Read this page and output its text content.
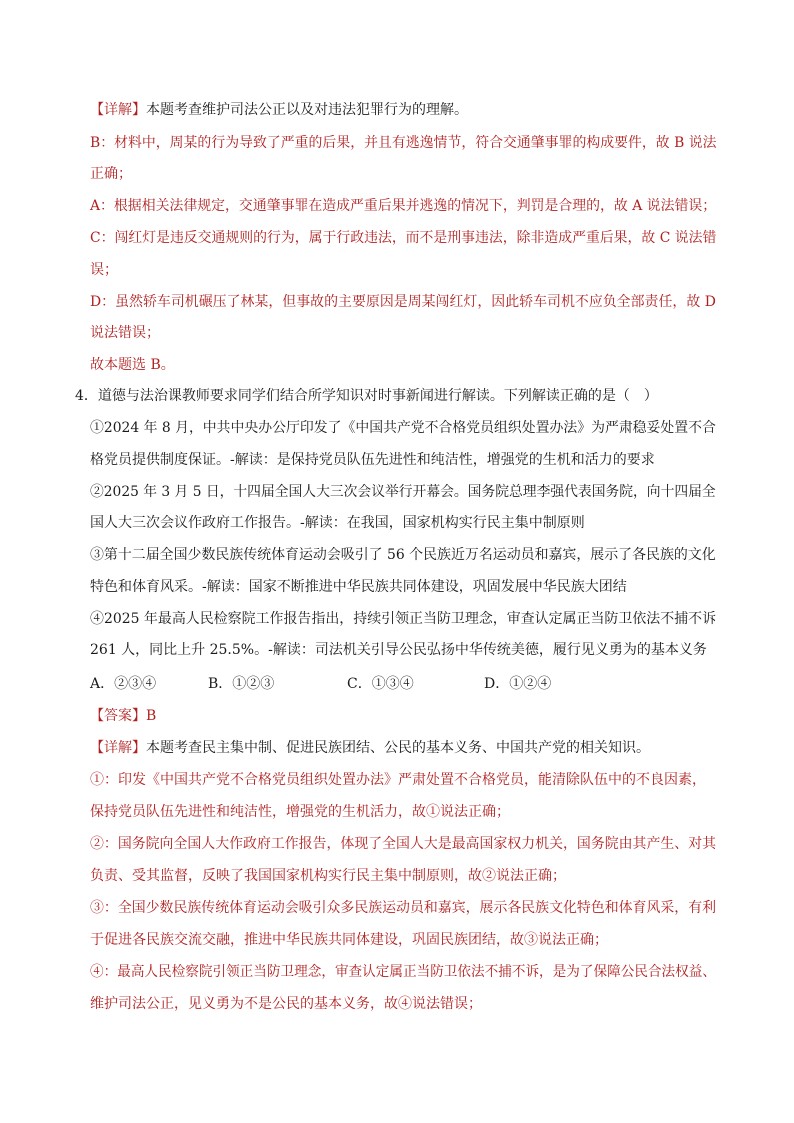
【详解】本题考查维护司法公正以及对违法犯罪行为的理解。
B：材料中，周某的行为导致了严重的后果，并且有逃逸情节，符合交通肇事罪的构成要件，故 B 说法
正确；
A：根据相关法律规定，交通肇事罪在造成严重后果并逃逸的情况下，判罚是合理的，故 A 说法错误；
C：闯红灯是违反交通规则的行为，属于行政违法，而不是刑事违法，除非造成严重后果，故 C 说法错
误；
D：虽然轿车司机碾压了林某，但事故的主要原因是周某闯红灯，因此轿车司机不应负全部责任，故 D
说法错误；
故本题选 B。
4．道德与法治课教师要求同学们结合所学知识对时事新闻进行解读。下列解读正确的是（　）
①2024 年 8 月，中共中央办公厅印发了《中国共产党不合格党员组织处置办法》为严肃稳妥处置不合
格党员提供制度保证。-解读：是保持党员队伍先进性和纯洁性，增强党的生机和活力的要求
②2025 年 3 月 5 日，十四届全国人大三次会议举行开幕会。国务院总理李强代表国务院，向十四届全
国人大三次会议作政府工作报告。-解读：在我国，国家机构实行民主集中制原则
③第十二届全国少数民族传统体育运动会吸引了 56 个民族近万名运动员和嘉宾，展示了各民族的文化
特色和体育风采。-解读：国家不断推进中华民族共同体建设，巩固发展中华民族大团结
④2025 年最高人民检察院工作报告指出，持续引领正当防卫理念，审查认定属正当防卫依法不捕不诉
261 人，同比上升 25.5%。-解读：司法机关引导公民弘扬中华传统美德，履行见义勇为的基本义务
A．②③④	B．①②③	C．①③④	D．①②④
【答案】B
【详解】本题考查民主集中制、促进民族团结、公民的基本义务、中国共产党的相关知识。
①：印发《中国共产党不合格党员组织处置办法》严肃处置不合格党员，能清除队伍中的不良因素，
保持党员队伍先进性和纯洁性，增强党的生机活力，故①说法正确；
②：国务院向全国人大作政府工作报告，体现了全国人大是最高国家权力机关，国务院由其产生、对其
负责、受其监督，反映了我国国家机构实行民主集中制原则，故②说法正确；
③：全国少数民族传统体育运动会吸引众多民族运动员和嘉宾，展示各民族文化特色和体育风采，有利
于促进各民族交流交融，推进中华民族共同体建设，巩固民族团结，故③说法正确；
④：最高人民检察院引领正当防卫理念，审查认定属正当防卫依法不捕不诉，是为了保障公民合法权益、
维护司法公正，见义勇为不是公民的基本义务，故④说法错误；
